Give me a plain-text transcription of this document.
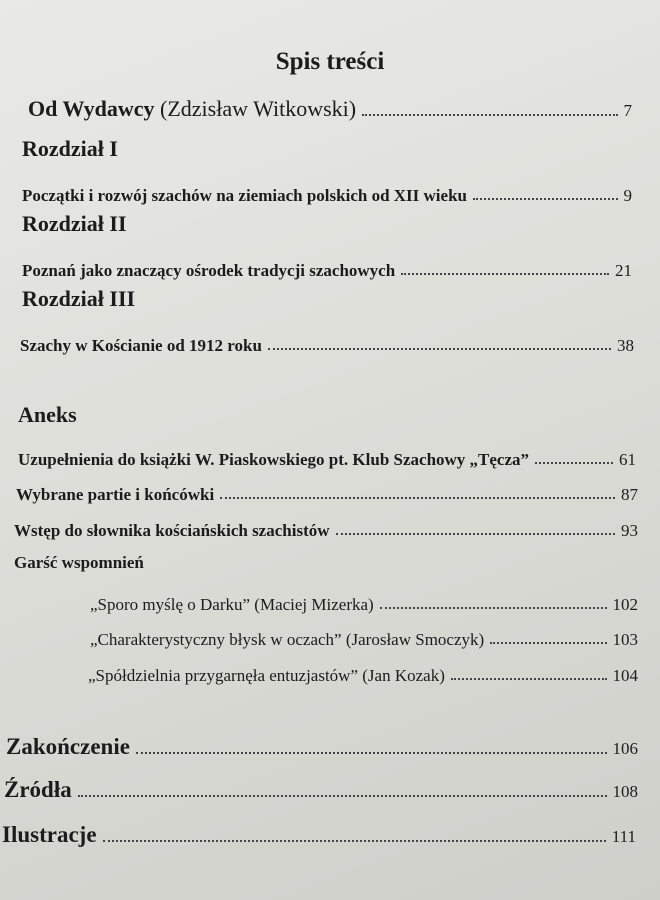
Spis treści
Od Wydawcy (Zdzisław Witkowski)	7
Rozdział I
Początki i rozwój szachów na ziemiach polskich od XII wieku	9
Rozdział II
Poznań jako znaczący ośrodek tradycji szachowych	21
Rozdział III
Szachy w Kościanie od 1912 roku	38
Aneks
Uzupełnienia do książki W. Piaskowskiego pt. Klub Szachowy „Tęcza”	61
Wybrane partie i końcówki	87
Wstęp do słownika kościańskich szachistów	93
Garść wspomnień
„Sporo myślę o Darku” (Maciej Mizerka)	102
„Charakterystyczny błysk w oczach” (Jarosław Smoczyk)	103
„Spółdzielnia przygarnęła entuzjastów” (Jan Kozak)	104
Zakończenie	106
Źródła	108
Ilustracje	111
